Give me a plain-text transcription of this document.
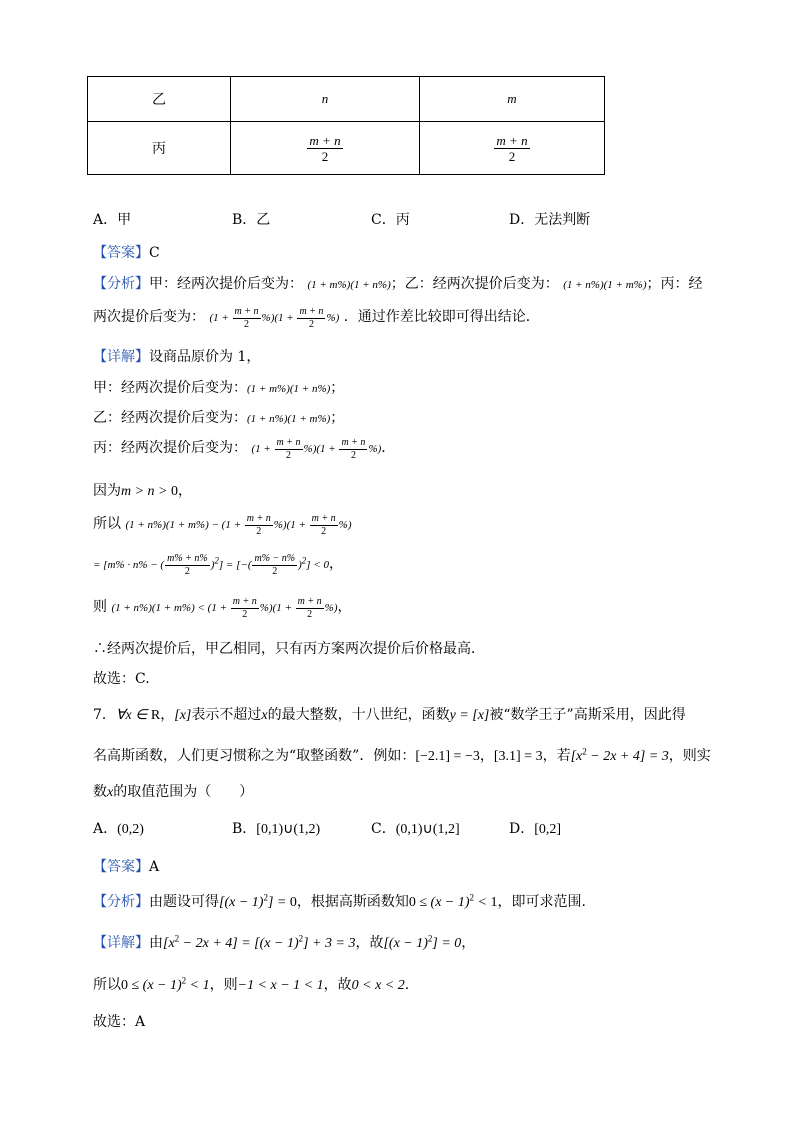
乙	n	m
丙	$\frac{m + n}{2}$	$\frac{m + n}{2}$
A．甲	B．乙	C．丙	D．无法判断
【答案】C
【分析】甲：经两次提价后变为： (1 + m%)(1 + n%)；乙：经两次提价后变为： (1 + n%)(1 + m%)；丙：经
两次提价后变为： $(1 + \frac{m + n}{2} \%)(1 + \frac{m + n}{2}$ %) ．通过作差比较即可得出结论．
【详解】设商品原价为 1，
甲：经两次提价后变为：(1 + m%)(1 + n%)；
乙：经两次提价后变为：(1 + n%)(1 + m%)；
丙：经两次提价后变为： $(1 + \frac{m + n}{2} \%)(1 + \frac{m + n}{2}$ %)．
因为m > n > 0，
所以 $(1 + n\%)(1 + m\%) - (1 + \frac{m + n}{2} \%)(1 + \frac{m + n}{2}$ %)
= [m% · n% − ( $\frac{m\% + n\%}{2} )^2$] = [−( $\frac{m\% - n\%}{2} )^2] < 0$，
则 $(1 + n\%)(1 + m\%) < (1 + \frac{m + n}{2} \%)(1 + \frac{m + n}{2}$ %)，
∴经两次提价后，甲乙相同，只有丙方案两次提价后价格最高．
故选：C.
7．∀x ∈ R，[x]表示不超过x的最大整数，十八世纪，函数y = [x]被“数学王子”高斯采用，因此得
名高斯函数，人们更习惯称之为“取整函数”．例如：[−2.1] = −3，[3.1] = 3，若$[x^2 - 2x + 4] = 3$，则实
数x的取值范围为（　　）
A．(0,2)	B．[0,1)∪(1,2)	C．(0,1)∪(1,2]	D．[0,2]
【答案】A
【分析】由题设可得$[(x - 1)^2] = 0$，根据高斯函数知$0 \le (x - 1)^2 < 1$，即可求范围.
【详解】由$[x^2 - 2x + 4] = [(x - 1)^2] + 3 = 3$，故$[(x - 1)^2] = 0$，
所以$0 \le (x - 1)^2 < 1$，则−1 < x − 1 < 1，故0 < x < 2.
故选：A
